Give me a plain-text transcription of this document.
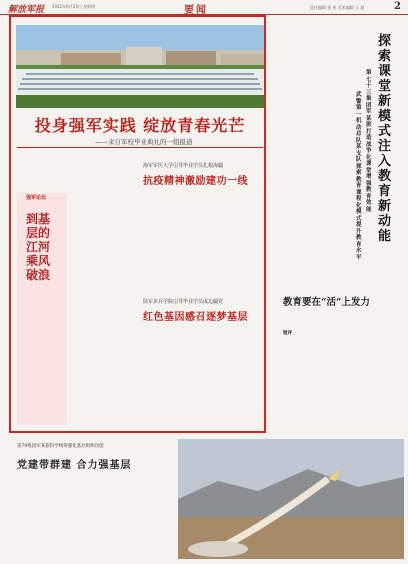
解放军报 2022年6月23日 星期四	要闻	责任编辑 张 彤 美术编辑 王 斌	2
投身强军实践 绽放青春光芒
——来自军校毕业典礼的一组报道
强军论坛
到基层的江河乘风破浪
海军军医大学引导毕业学员扎根海疆
抗疫精神激励建功一线
陆军步兵学院引导毕业学员成边疆党
红色基因感召逐梦基层
探索课堂新模式 注入教育新动能
第七十三集团军某旅打造战争化课堂增强教育效能
武警第一机动总队某支队探索教育课程化模式提升教育水平
教育要在“活”上发力
短评
第79集团军某旅科学统筹强化基层组织功能
党建带群建 合力强基层
